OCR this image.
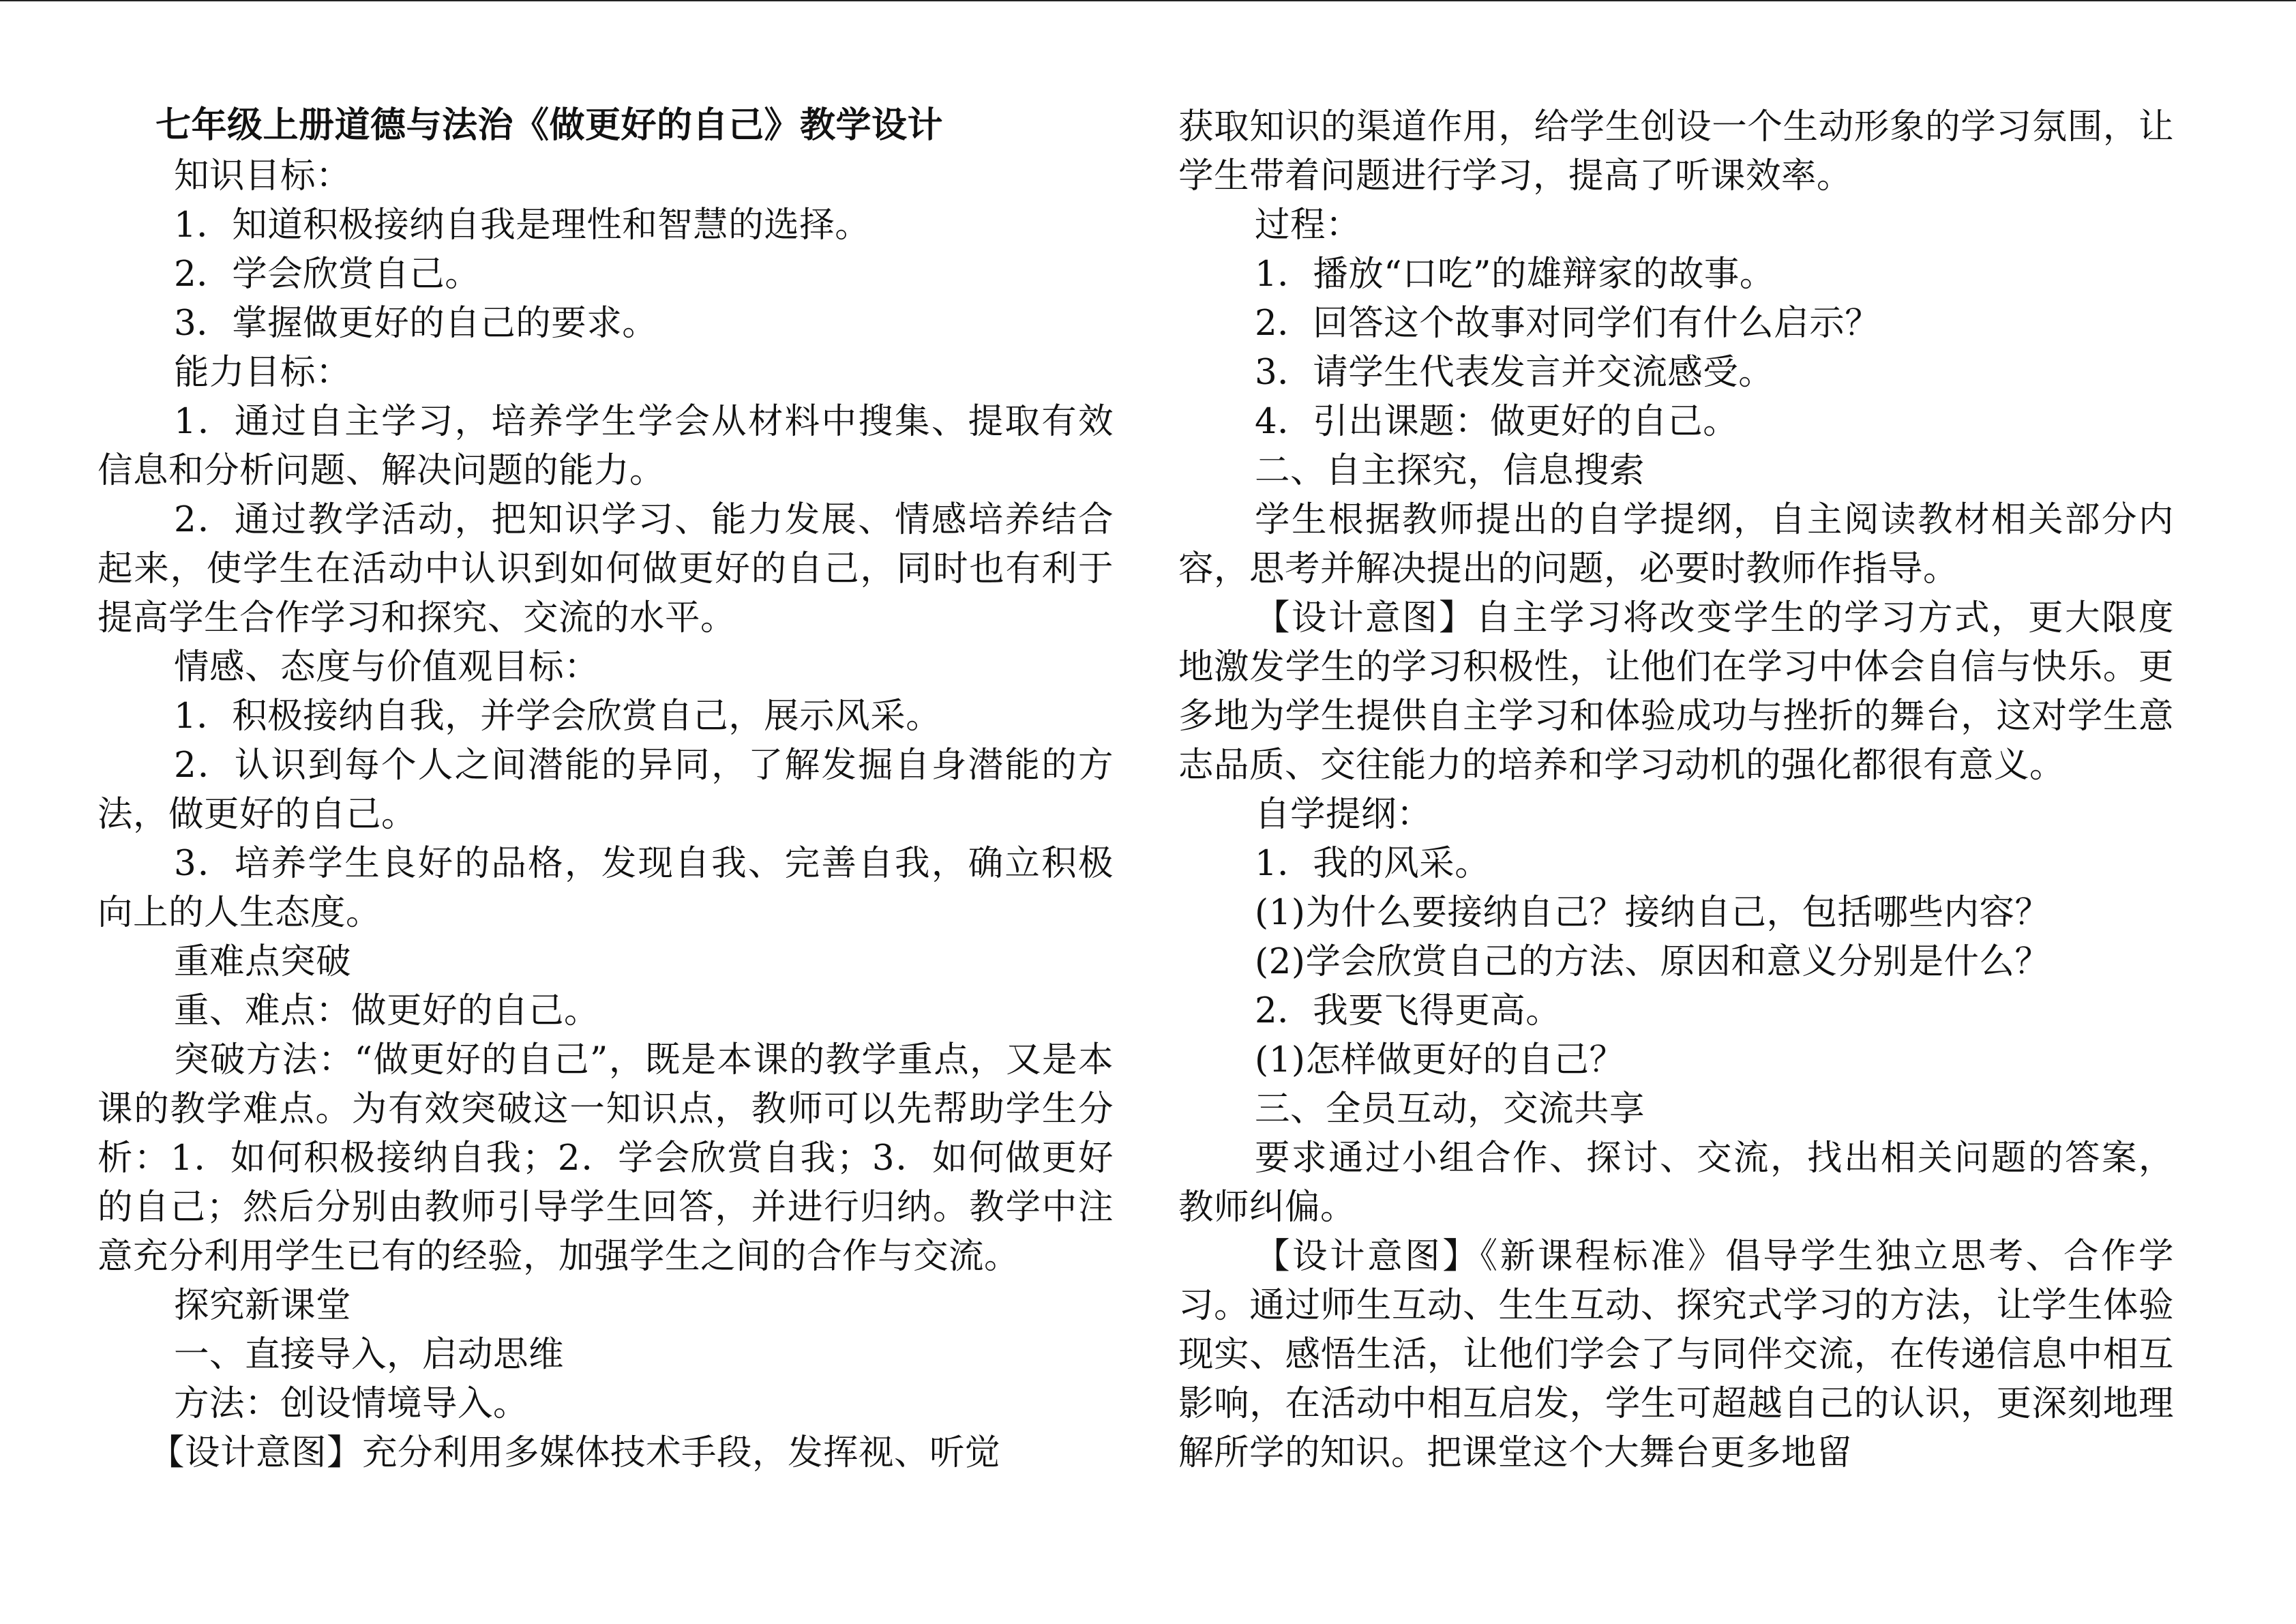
七年级上册道德与法治《做更好的自己》教学设计

知识目标：

1．知道积极接纳自我是理性和智慧的选择。

2．学会欣赏自己。

3．掌握做更好的自己的要求。

能力目标：

1．通过自主学习，培养学生学会从材料中搜集、提取有效信息和分析问题、解决问题的能力。

2．通过教学活动，把知识学习、能力发展、情感培养结合起来，使学生在活动中认识到如何做更好的自己，同时也有利于提高学生合作学习和探究、交流的水平。

情感、态度与价值观目标：

1．积极接纳自我，并学会欣赏自己，展示风采。

2．认识到每个人之间潜能的异同，了解发掘自身潜能的方法，做更好的自己。

3．培养学生良好的品格，发现自我、完善自我，确立积极向上的人生态度。

重难点突破

重、难点：做更好的自己。

突破方法：“做更好的自己”，既是本课的教学重点，又是本课的教学难点。为有效突破这一知识点，教师可以先帮助学生分析：1．如何积极接纳自我；2．学会欣赏自我；3．如何做更好的自己；然后分别由教师引导学生回答，并进行归纳。教学中注意充分利用学生已有的经验，加强学生之间的合作与交流。

探究新课堂

一、直接导入，启动思维

方法：创设情境导入。

【设计意图】充分利用多媒体技术手段，发挥视、听觉

获取知识的渠道作用，给学生创设一个生动形象的学习氛围，让学生带着问题进行学习，提高了听课效率。

过程：

1．播放“口吃”的雄辩家的故事。

2．回答这个故事对同学们有什么启示？

3．请学生代表发言并交流感受。

4．引出课题：做更好的自己。

二、自主探究，信息搜索

学生根据教师提出的自学提纲，自主阅读教材相关部分内容，思考并解决提出的问题，必要时教师作指导。

【设计意图】自主学习将改变学生的学习方式，更大限度地激发学生的学习积极性，让他们在学习中体会自信与快乐。更多地为学生提供自主学习和体验成功与挫折的舞台，这对学生意志品质、交往能力的培养和学习动机的强化都很有意义。

自学提纲：

1．我的风采。

(1)为什么要接纳自己？接纳自己，包括哪些内容？

(2)学会欣赏自己的方法、原因和意义分别是什么？

2．我要飞得更高。

(1)怎样做更好的自己？

三、全员互动，交流共享

要求通过小组合作、探讨、交流，找出相关问题的答案，教师纠偏。

【设计意图】《新课程标准》倡导学生独立思考、合作学习。通过师生互动、生生互动、探究式学习的方法，让学生体验现实、感悟生活，让他们学会了与同伴交流，在传递信息中相互影响，在活动中相互启发，学生可超越自己的认识，更深刻地理解所学的知识。把课堂这个大舞台更多地留
